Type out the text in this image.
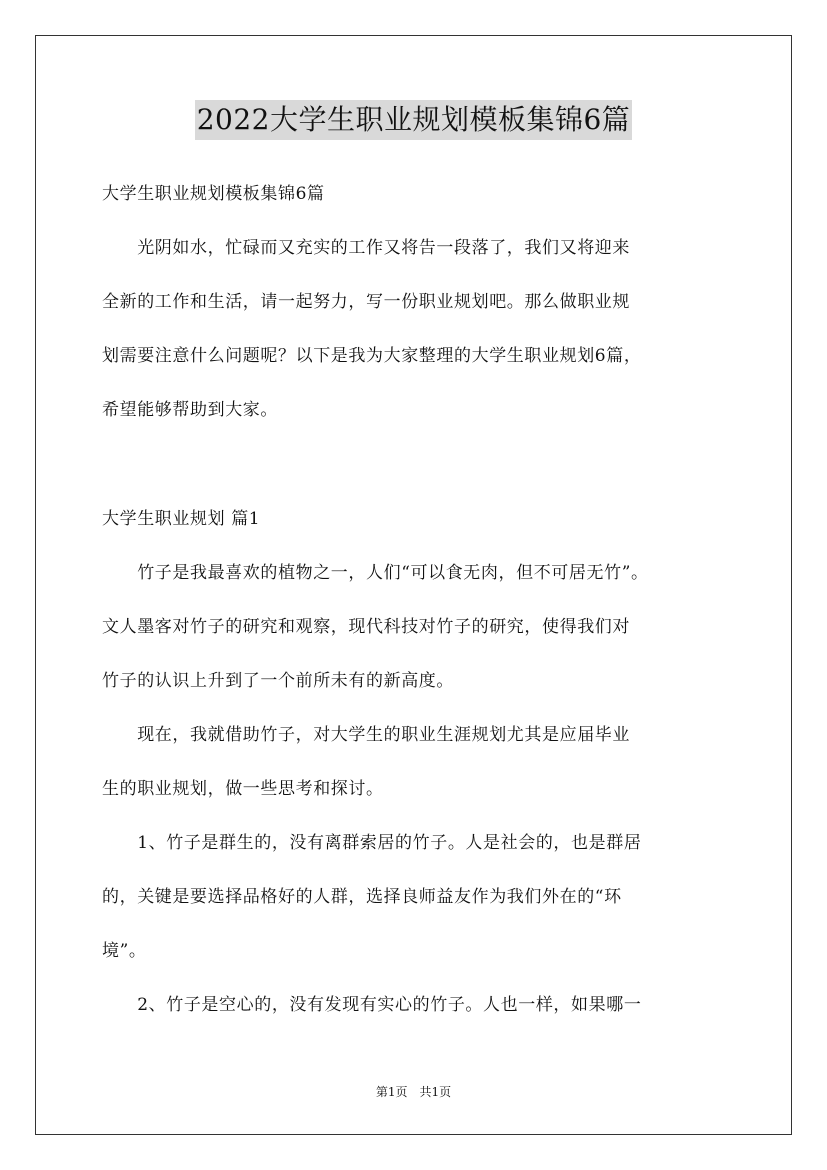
2022大学生职业规划模板集锦6篇
大学生职业规划模板集锦6篇
　　光阴如水，忙碌而又充实的工作又将告一段落了，我们又将迎来
全新的工作和生活，请一起努力，写一份职业规划吧。那么做职业规
划需要注意什么问题呢？以下是我为大家整理的大学生职业规划6篇，
希望能够帮助到大家。
大学生职业规划 篇1
　　竹子是我最喜欢的植物之一，人们“可以食无肉，但不可居无竹”。
文人墨客对竹子的研究和观察，现代科技对竹子的研究，使得我们对
竹子的认识上升到了一个前所未有的新高度。
　　现在，我就借助竹子，对大学生的职业生涯规划尤其是应届毕业
生的职业规划，做一些思考和探讨。
　　1、竹子是群生的，没有离群索居的竹子。人是社会的，也是群居
的，关键是要选择品格好的人群，选择良师益友作为我们外在的“环
境”。
　　2、竹子是空心的，没有发现有实心的竹子。人也一样，如果哪一
第1页　共1页
